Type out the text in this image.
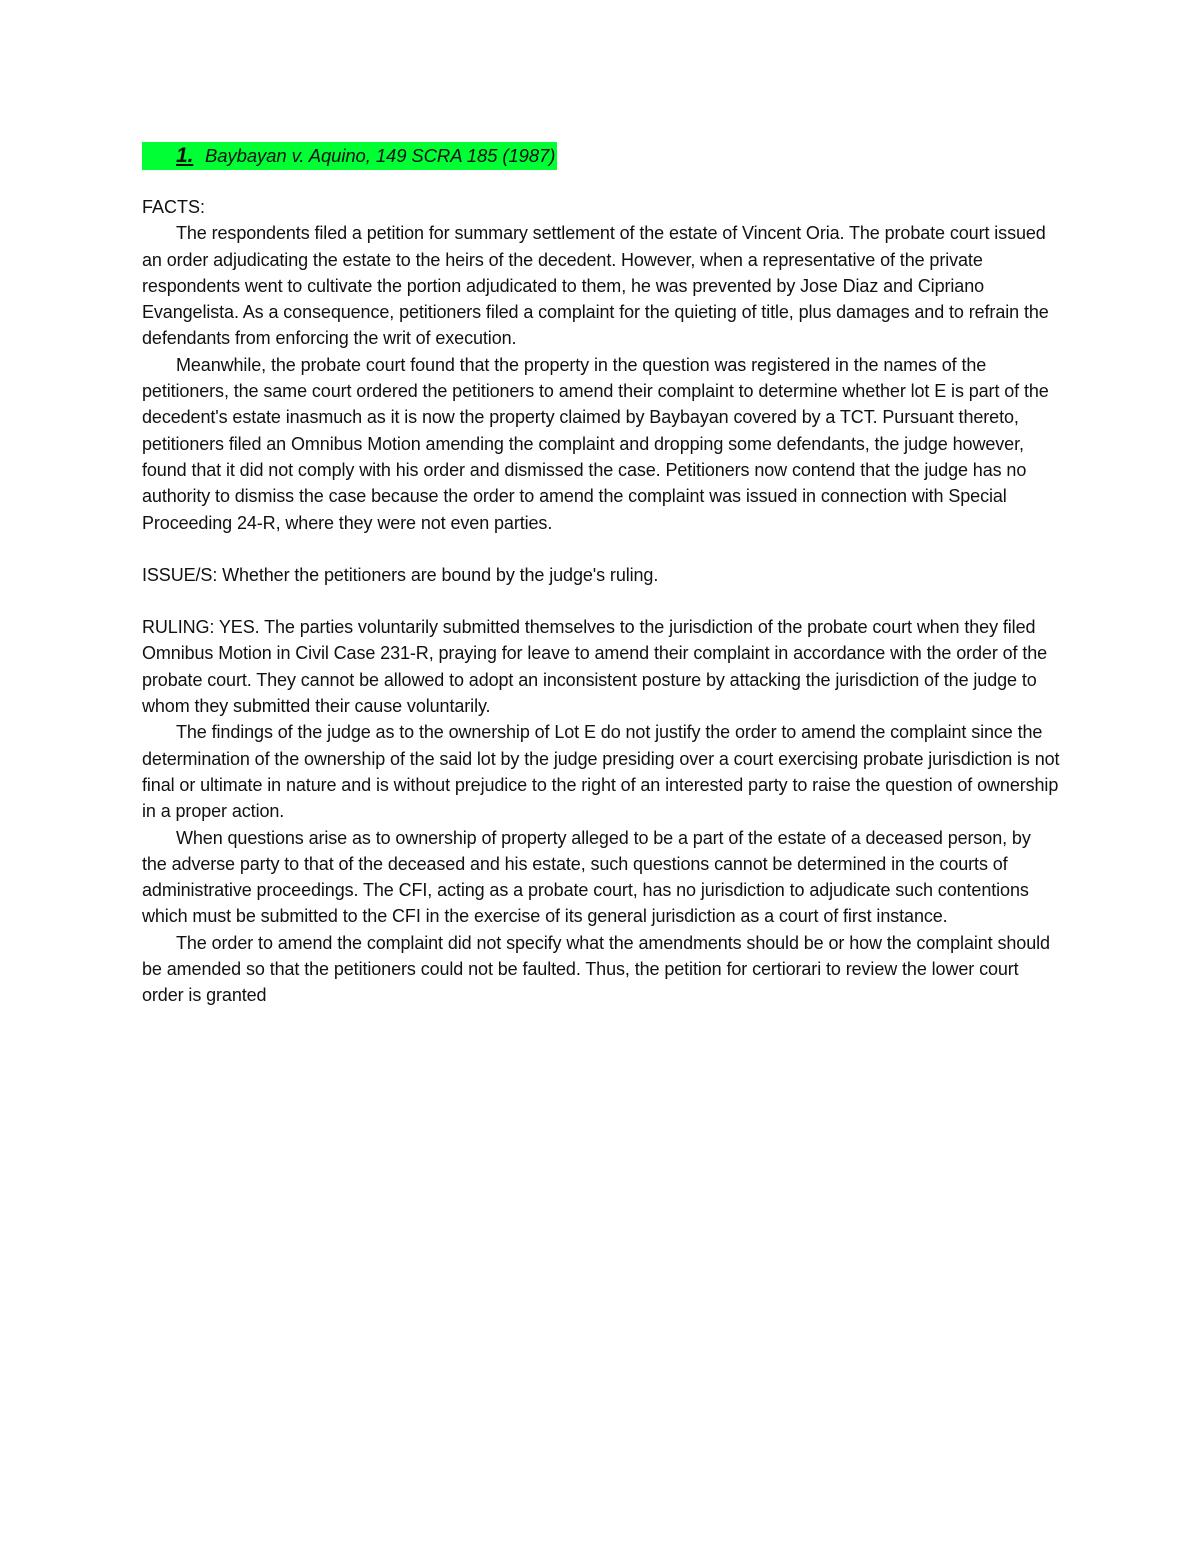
1. Baybayan v. Aquino, 149 SCRA 185 (1987)
FACTS:

The respondents filed a petition for summary settlement of the estate of Vincent Oria. The probate court issued an order adjudicating the estate to the heirs of the decedent. However, when a representative of the private respondents went to cultivate the portion adjudicated to them, he was prevented by Jose Diaz and Cipriano Evangelista. As a consequence, petitioners filed a complaint for the quieting of title, plus damages and to refrain the defendants from enforcing the writ of execution.

Meanwhile, the probate court found that the property in the question was registered in the names of the petitioners, the same court ordered the petitioners to amend their complaint to determine whether lot E is part of the decedent's estate inasmuch as it is now the property claimed by Baybayan covered by a TCT. Pursuant thereto, petitioners filed an Omnibus Motion amending the complaint and dropping some defendants, the judge however, found that it did not comply with his order and dismissed the case. Petitioners now contend that the judge has no authority to dismiss the case because the order to amend the complaint was issued in connection with Special Proceeding 24-R, where they were not even parties.

ISSUE/S: Whether the petitioners are bound by the judge's ruling.

RULING: YES. The parties voluntarily submitted themselves to the jurisdiction of the probate court when they filed Omnibus Motion in Civil Case 231-R, praying for leave to amend their complaint in accordance with the order of the probate court. They cannot be allowed to adopt an inconsistent posture by attacking the jurisdiction of the judge to whom they submitted their cause voluntarily.

The findings of the judge as to the ownership of Lot E do not justify the order to amend the complaint since the determination of the ownership of the said lot by the judge presiding over a court exercising probate jurisdiction is not final or ultimate in nature and is without prejudice to the right of an interested party to raise the question of ownership in a proper action.

When questions arise as to ownership of property alleged to be a part of the estate of a deceased person, by the adverse party to that of the deceased and his estate, such questions cannot be determined in the courts of administrative proceedings. The CFI, acting as a probate court, has no jurisdiction to adjudicate such contentions which must be submitted to the CFI in the exercise of its general jurisdiction as a court of first instance.

The order to amend the complaint did not specify what the amendments should be or how the complaint should be amended so that the petitioners could not be faulted. Thus, the petition for certiorari to review the lower court order is granted
